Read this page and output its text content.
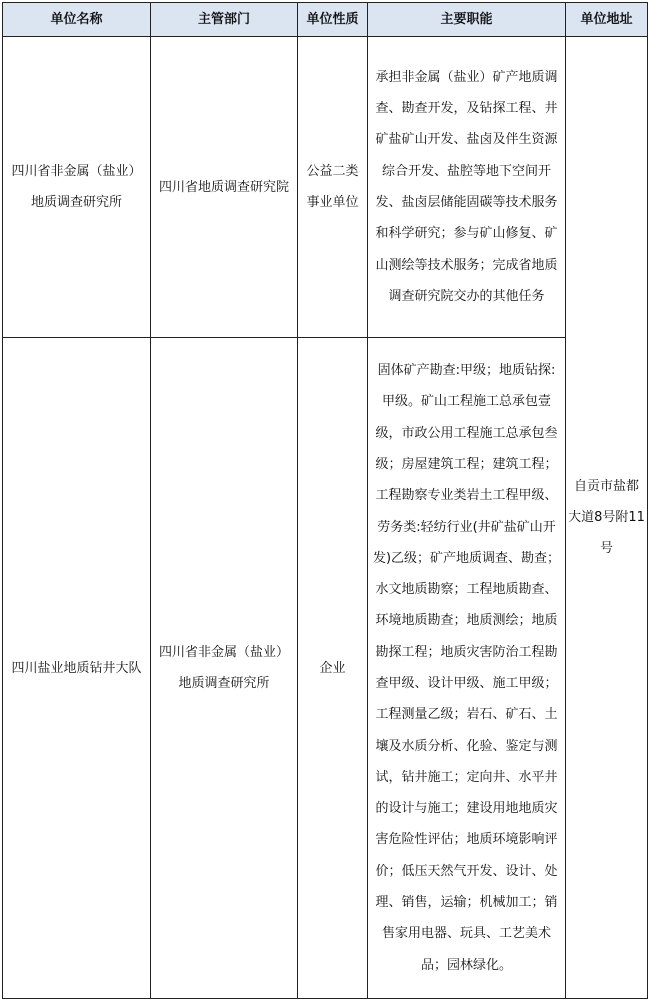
单位名称	主管部门	单位性质	主要职能	单位地址
四川省非金属（盐业）地质调查研究所	四川省地质调查研究院	公益二类事业单位	承担非金属（盐业）矿产地质调查、勘查开发，及钻探工程、井矿盐矿山开发、盐卤及伴生资源综合开发、盐腔等地下空间开发、盐卤层储能固碳等技术服务和科学研究；参与矿山修复、矿山测绘等技术服务；完成省地质调查研究院交办的其他任务	自贡市盐都大道8号附11号
四川盐业地质钻井大队	四川省非金属（盐业）地质调查研究所	企业	固体矿产勘查:甲级；地质钻探:甲级。矿山工程施工总承包壹级，市政公用工程施工总承包叁级；房屋建筑工程；建筑工程；工程勘察专业类岩土工程甲级、劳务类:轻纺行业(井矿盐矿山开发)乙级；矿产地质调查、勘查；水文地质勘察；工程地质勘查、环境地质勘查；地质测绘；地质勘探工程；地质灾害防治工程勘查甲级、设计甲级、施工甲级；工程测量乙级；岩石、矿石、土壤及水质分析、化验、鉴定与测试，钻井施工；定向井、水平井的设计与施工；建设用地地质灾害危险性评估；地质环境影响评价；低压天然气开发、设计、处理、销售，运输；机械加工；销售家用电器、玩具、工艺美术品；园林绿化。	
